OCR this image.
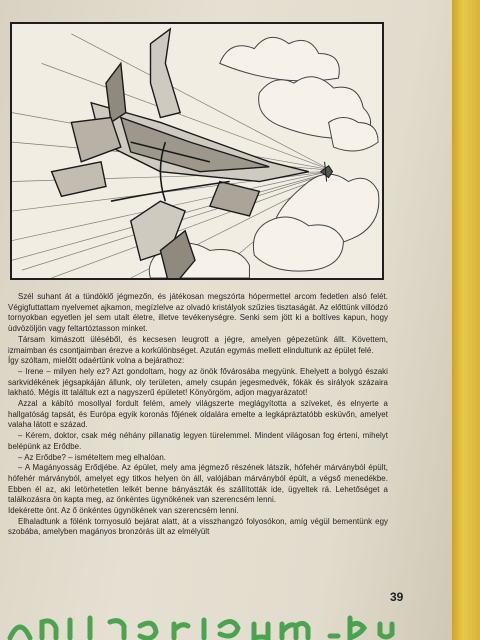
Szél suhant át a tündöklő jégmezőn, és játékosan megszórta hópermettel arcom fedetlen alsó felét. Végigfuttattam nyelvemet ajkamon, megízlelve az olvadó kristályok szűzies tisztaságát. Az előttünk villódzó tornyokban egyetlen jel sem utalt életre, illetve tevékenységre. Senki sem jött ki a boltíves kapun, hogy üdvözöljön vagy feltartóztasson minket.

Társam kimászott üléséből, és kecsesen leugrott a jégre, amelyen gépezetünk állt. Követtem, izmaimban és csontjaimban érezve a korkülönbséget. Azután egymás mellett elindultunk az épület felé.

Így szóltam, mielőtt odaértünk volna a bejárathoz:

– Irene – milyen hely ez? Azt gondoltam, hogy az önök fővárosába megyünk. Ehelyett a bolygó északi sarkvidékének jégsapkáján állunk, oly területen, amely csupán jegesmedvék, fókák és sirályok százaira lakható. Mégis itt találtuk ezt a nagyszerű épületet! Könyörgöm, adjon magyarázatot!

Azzal a kábító mosollyal fordult felém, amely világszerte meglágyította a szíveket, és elnyerte a hallgatóság tapsát, és Európa egyik koronás főjének oldalára emelte a legkápráztatóbb esküvőn, amelyet valaha látott e század.

– Kérem, doktor, csak még néhány pillanatig legyen türelemmel. Mindent világosan fog érteni, mihelyt belépünk az Erődbe.

– Az Erődbe? – ismételtem meg elhalóan.

– A Magányosság Erődjébe. Az épület, mely ama jégmező részének látszik, hófehér márványból épült, hófehér márványból, amelyet egy titkos helyen ön áll, valójában márványból épült, a végső menedékbe. Ebben él az, aki letörhetetlen lelkét benne bányászták és szállították ide, ügyeltek rá. Lehetőséget a találkozásra ön kapta meg, az önkéntes ügynökének van szerencsém lenni.

Idekérette önt. Az ő önkéntes ügynökének van szerencsém lenni.

Elhaladtunk a fölénk tornyosuló bejárat alatt, át a visszhangzó folyosókon, amíg végül bementünk egy szobába, amelyben magányos bronzórás ült az elmélyült

39
